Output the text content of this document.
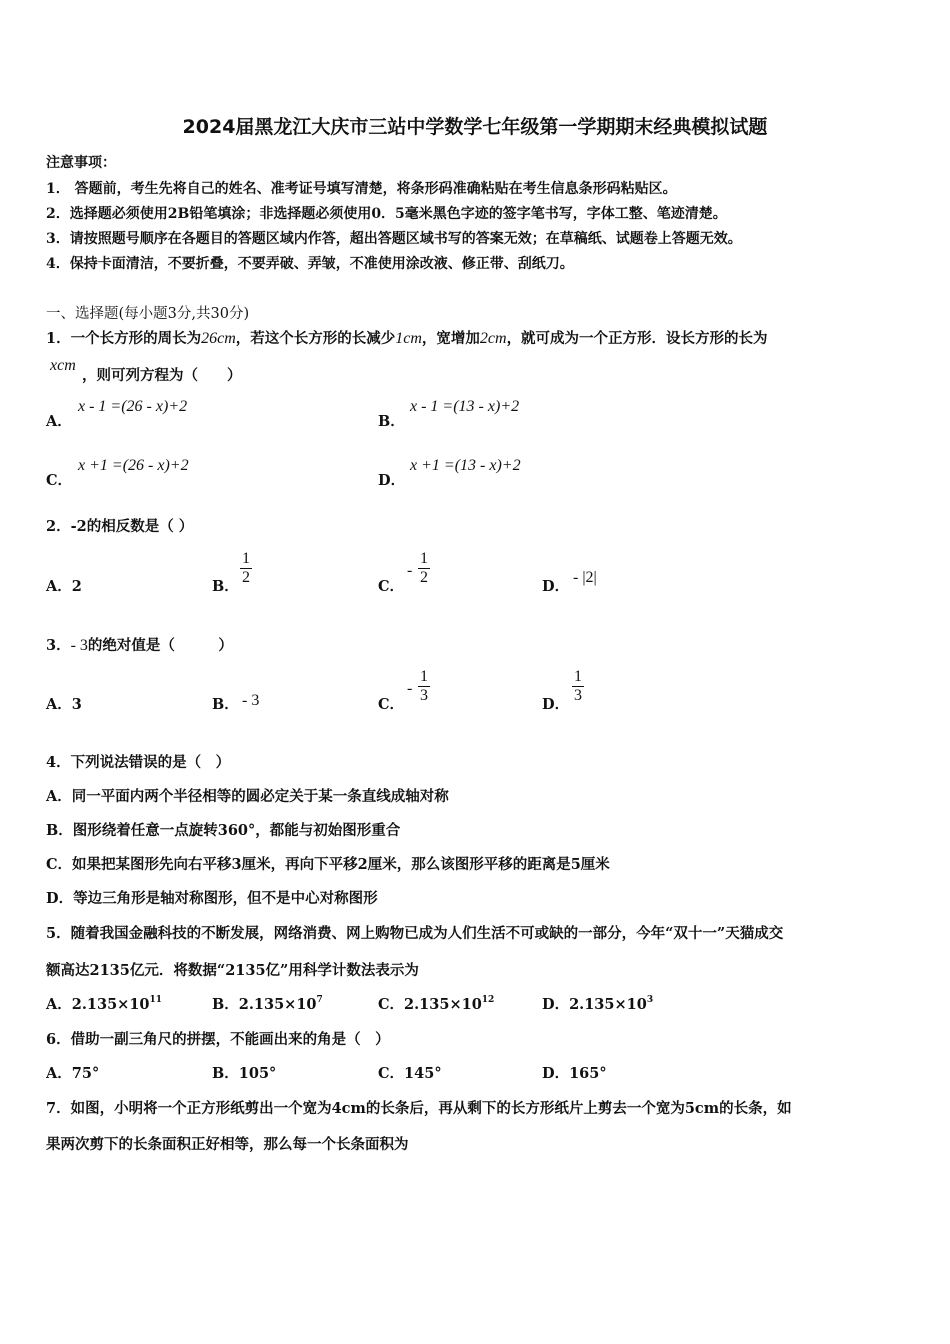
2024届黑龙江大庆市三站中学数学七年级第一学期期末经典模拟试题
注意事项：
1． 答题前，考生先将自己的姓名、准考证号填写清楚，将条形码准确粘贴在考生信息条形码粘贴区。
2．选择题必须使用2B铅笔填涂；非选择题必须使用0．5毫米黑色字迹的签字笔书写，字体工整、笔迹清楚。
3．请按照题号顺序在各题目的答题区域内作答，超出答题区域书写的答案无效；在草稿纸、试题卷上答题无效。
4．保持卡面清洁，不要折叠，不要弄破、弄皱，不准使用涂改液、修正带、刮纸刀。
一、选择题(每小题3分,共30分)
1．一个长方形的周长为26cm，若这个长方形的长减少1cm，宽增加2cm，就可成为一个正方形．设长方形的长为
xcm
，则可列方程为（　　）
A．
x - 1 =(26 - x)+2
B．
x - 1 =(13 - x)+2
C．
x +1 =(26 - x)+2
D．
x +1 =(13 - x)+2
2．-2的相反数是（ ）
A．2	B． $\frac{1}{2}$	C．
- $\frac{1}{2}$	D．
- |2|
3．- 3的绝对值是（　　　）
A．3	B． - 3	C．
- $\frac{1}{3}$	D． $\frac{1}{3}$
4．下列说法错误的是（　）
A．同一平面内两个半径相等的圆必定关于某一条直线成轴对称
B．图形绕着任意一点旋转360°，都能与初始图形重合
C．如果把某图形先向右平移3厘米，再向下平移2厘米，那么该图形平移的距离是5厘米
D．等边三角形是轴对称图形，但不是中心对称图形
5．随着我国金融科技的不断发展，网络消费、网上购物已成为人们生活不可或缺的一部分，今年“双十一”天猫成交
额高达2135亿元．将数据“2135亿”用科学计数法表示为
A．$2.135\times 10^{11}$	B．$2.135\times 10^7$	C．$2.135\times 10^{12}$	D．$2.135\times 10^3$
6．借助一副三角尺的拼摆，不能画出来的角是（　）
A．75°	B．105°	C．145°	D．165°
7．如图，小明将一个正方形纸剪出一个宽为4cm的长条后，再从剩下的长方形纸片上剪去一个宽为5cm的长条，如
果两次剪下的长条面积正好相等，那么每一个长条面积为
